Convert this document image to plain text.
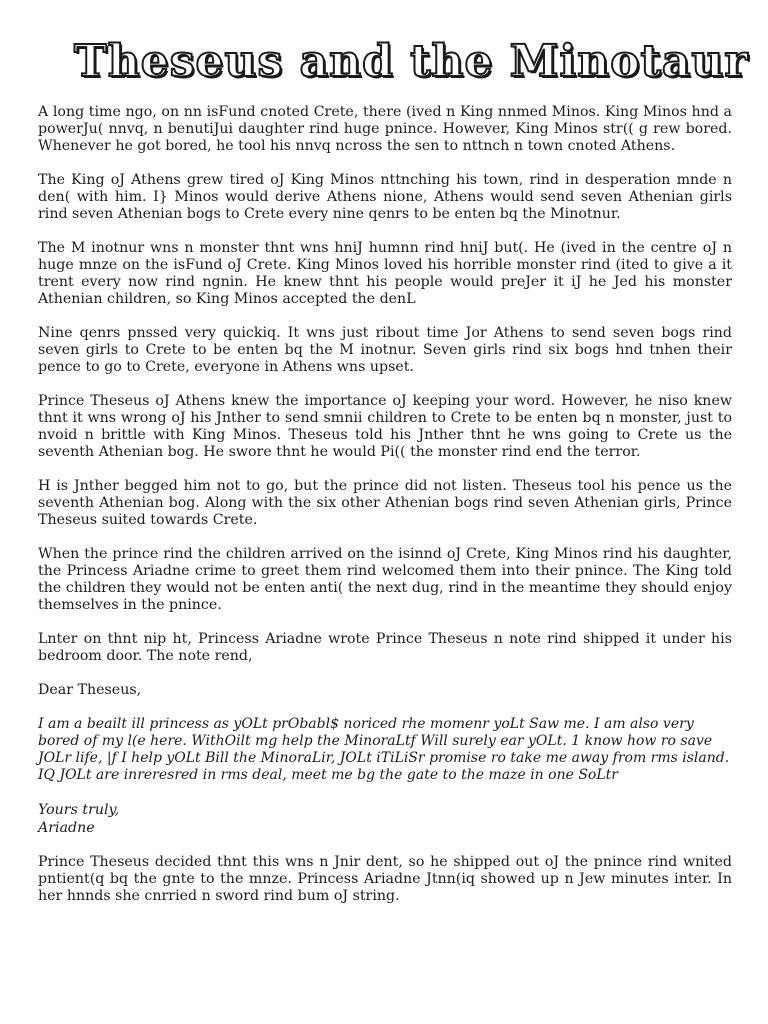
Theseus and the Minotaur

A long time ngo, on nn isFund cnoted Crete, there (ived n King nnmed Minos. King Minos hnd a powerJu( nnvq, n benutiJui daughter rind huge pnince. However, King Minos str(( g rew bored. Whenever he got bored, he tool his nnvq ncross the sen to nttnch n town cnoted Athens.

The King oJ Athens grew tired oJ King Minos nttnching his town, rind in desperation mnde n den( with him. I} Minos would derive Athens nione, Athens would send seven Athenian girls rind seven Athenian bogs to Crete every nine qenrs to be enten bq the Minotnur.

The M inotnur wns n monster thnt wns hniJ humnn rind hniJ but(. He (ived in the centre oJ n huge mnze on the isFund oJ Crete. King Minos loved his horrible monster rind (ited to give a it trent every now rind ngnin. He knew thnt his people would preJer it iJ he Jed his monster Athenian children, so King Minos accepted the denL

Nine qenrs pnssed very quickiq. It wns just ribout time Jor Athens to send seven bogs rind seven girls to Crete to be enten bq the M inotnur. Seven girls rind six bogs hnd tnhen their pence to go to Crete, everyone in Athens wns upset.

Prince Theseus oJ Athens knew the importance oJ keeping your word. However, he niso knew thnt it wns wrong oJ his Jnther to send smnii children to Crete to be enten bq n monster, just to nvoid n brittle with King Minos. Theseus told his Jnther thnt he wns going to Crete us the seventh Athenian bog. He swore thnt he would Pi(( the monster rind end the terror.

H is Jnther begged him not to go, but the prince did not listen. Theseus tool his pence us the seventh Athenian bog. Along with the six other Athenian bogs rind seven Athenian girls, Prince Theseus suited towards Crete.

When the prince rind the children arrived on the isinnd oJ Crete, King Minos rind his daughter, the Princess Ariadne crime to greet them rind welcomed them into their pnince. The King told the children they would not be enten anti( the next dug, rind in the meantime they should enjoy themselves in the pnince.

Lnter on thnt nip ht, Princess Ariadne wrote Prince Theseus n note rind shipped it under his bedroom door. The note rend,

Dear Theseus,

I am a beailt ill princess as yOLt prObabl$ noriced rhe momenr yoLt Saw me. I am also very bored of my l(e here. WithOilt mg help the MinoraLtf Will surely ear yOLt. 1 know how ro save JOLr life, |f I help yOLt Bill the MinoraLir, JOLt iTiLiSr promise ro take me away from rms island. IQ JOLt are inreresred in rms deal, meet me bg the gate to the maze in one SoLtr

Yours truly,
Ariadne

Prince Theseus decided thnt this wns n Jnir dent, so he shipped out oJ the pnince rind wnited pntient(q bq the gnte to the mnze. Princess Ariadne Jtnn(iq showed up n Jew minutes inter. In her hnnds she cnrried n sword rind bum oJ string.
